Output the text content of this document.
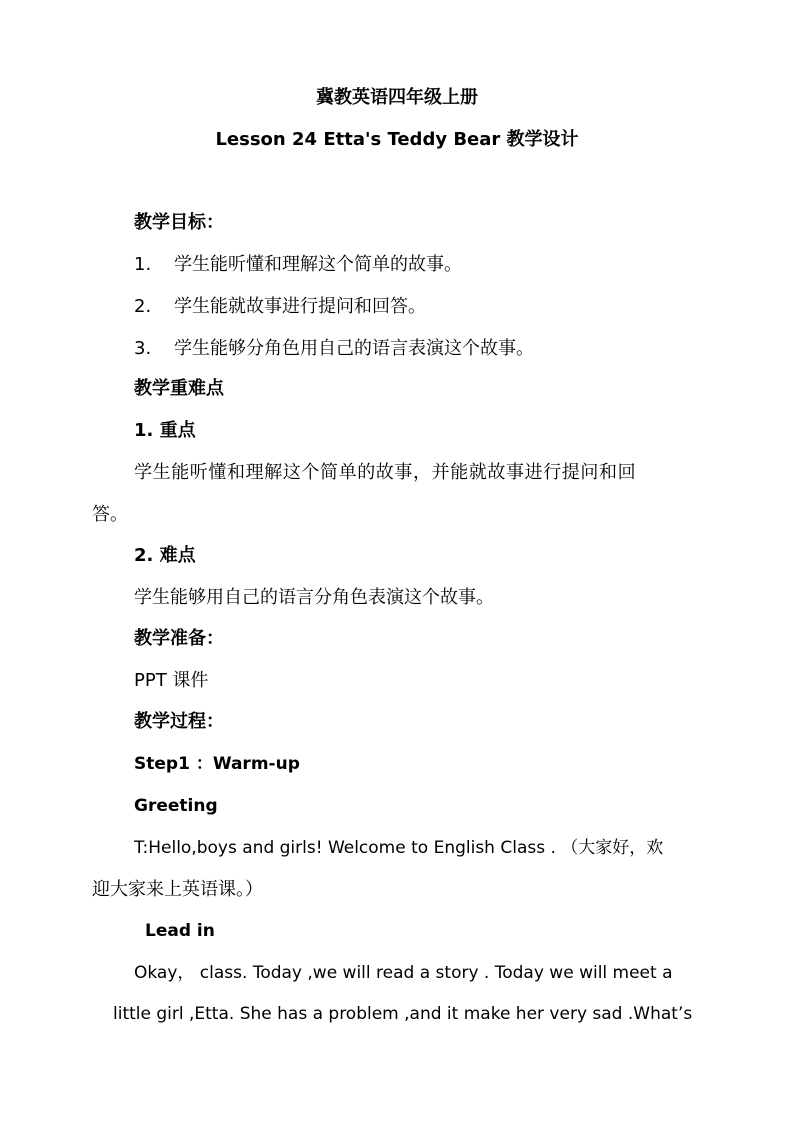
冀教英语四年级上册
Lesson 24 Etta's Teddy Bear 教学设计
教学目标：
1. 学生能听懂和理解这个简单的故事。
2. 学生能就故事进行提问和回答。
3. 学生能够分角色用自己的语言表演这个故事。
教学重难点
1. 重点
学生能听懂和理解这个简单的故事，并能就故事进行提问和回
答。
2. 难点
学生能够用自己的语言分角色表演这个故事。
教学准备：
PPT 课件
教学过程：
Step1 ：Warm-up
Greeting
T:Hello,boys and girls! Welcome to English Class . （大家好，欢
迎大家来上英语课。）
Lead in
Okay， class. Today ,we will read a story . Today we will meet a
little girl ,Etta. She has a problem ,and it make her very sad .What’s
